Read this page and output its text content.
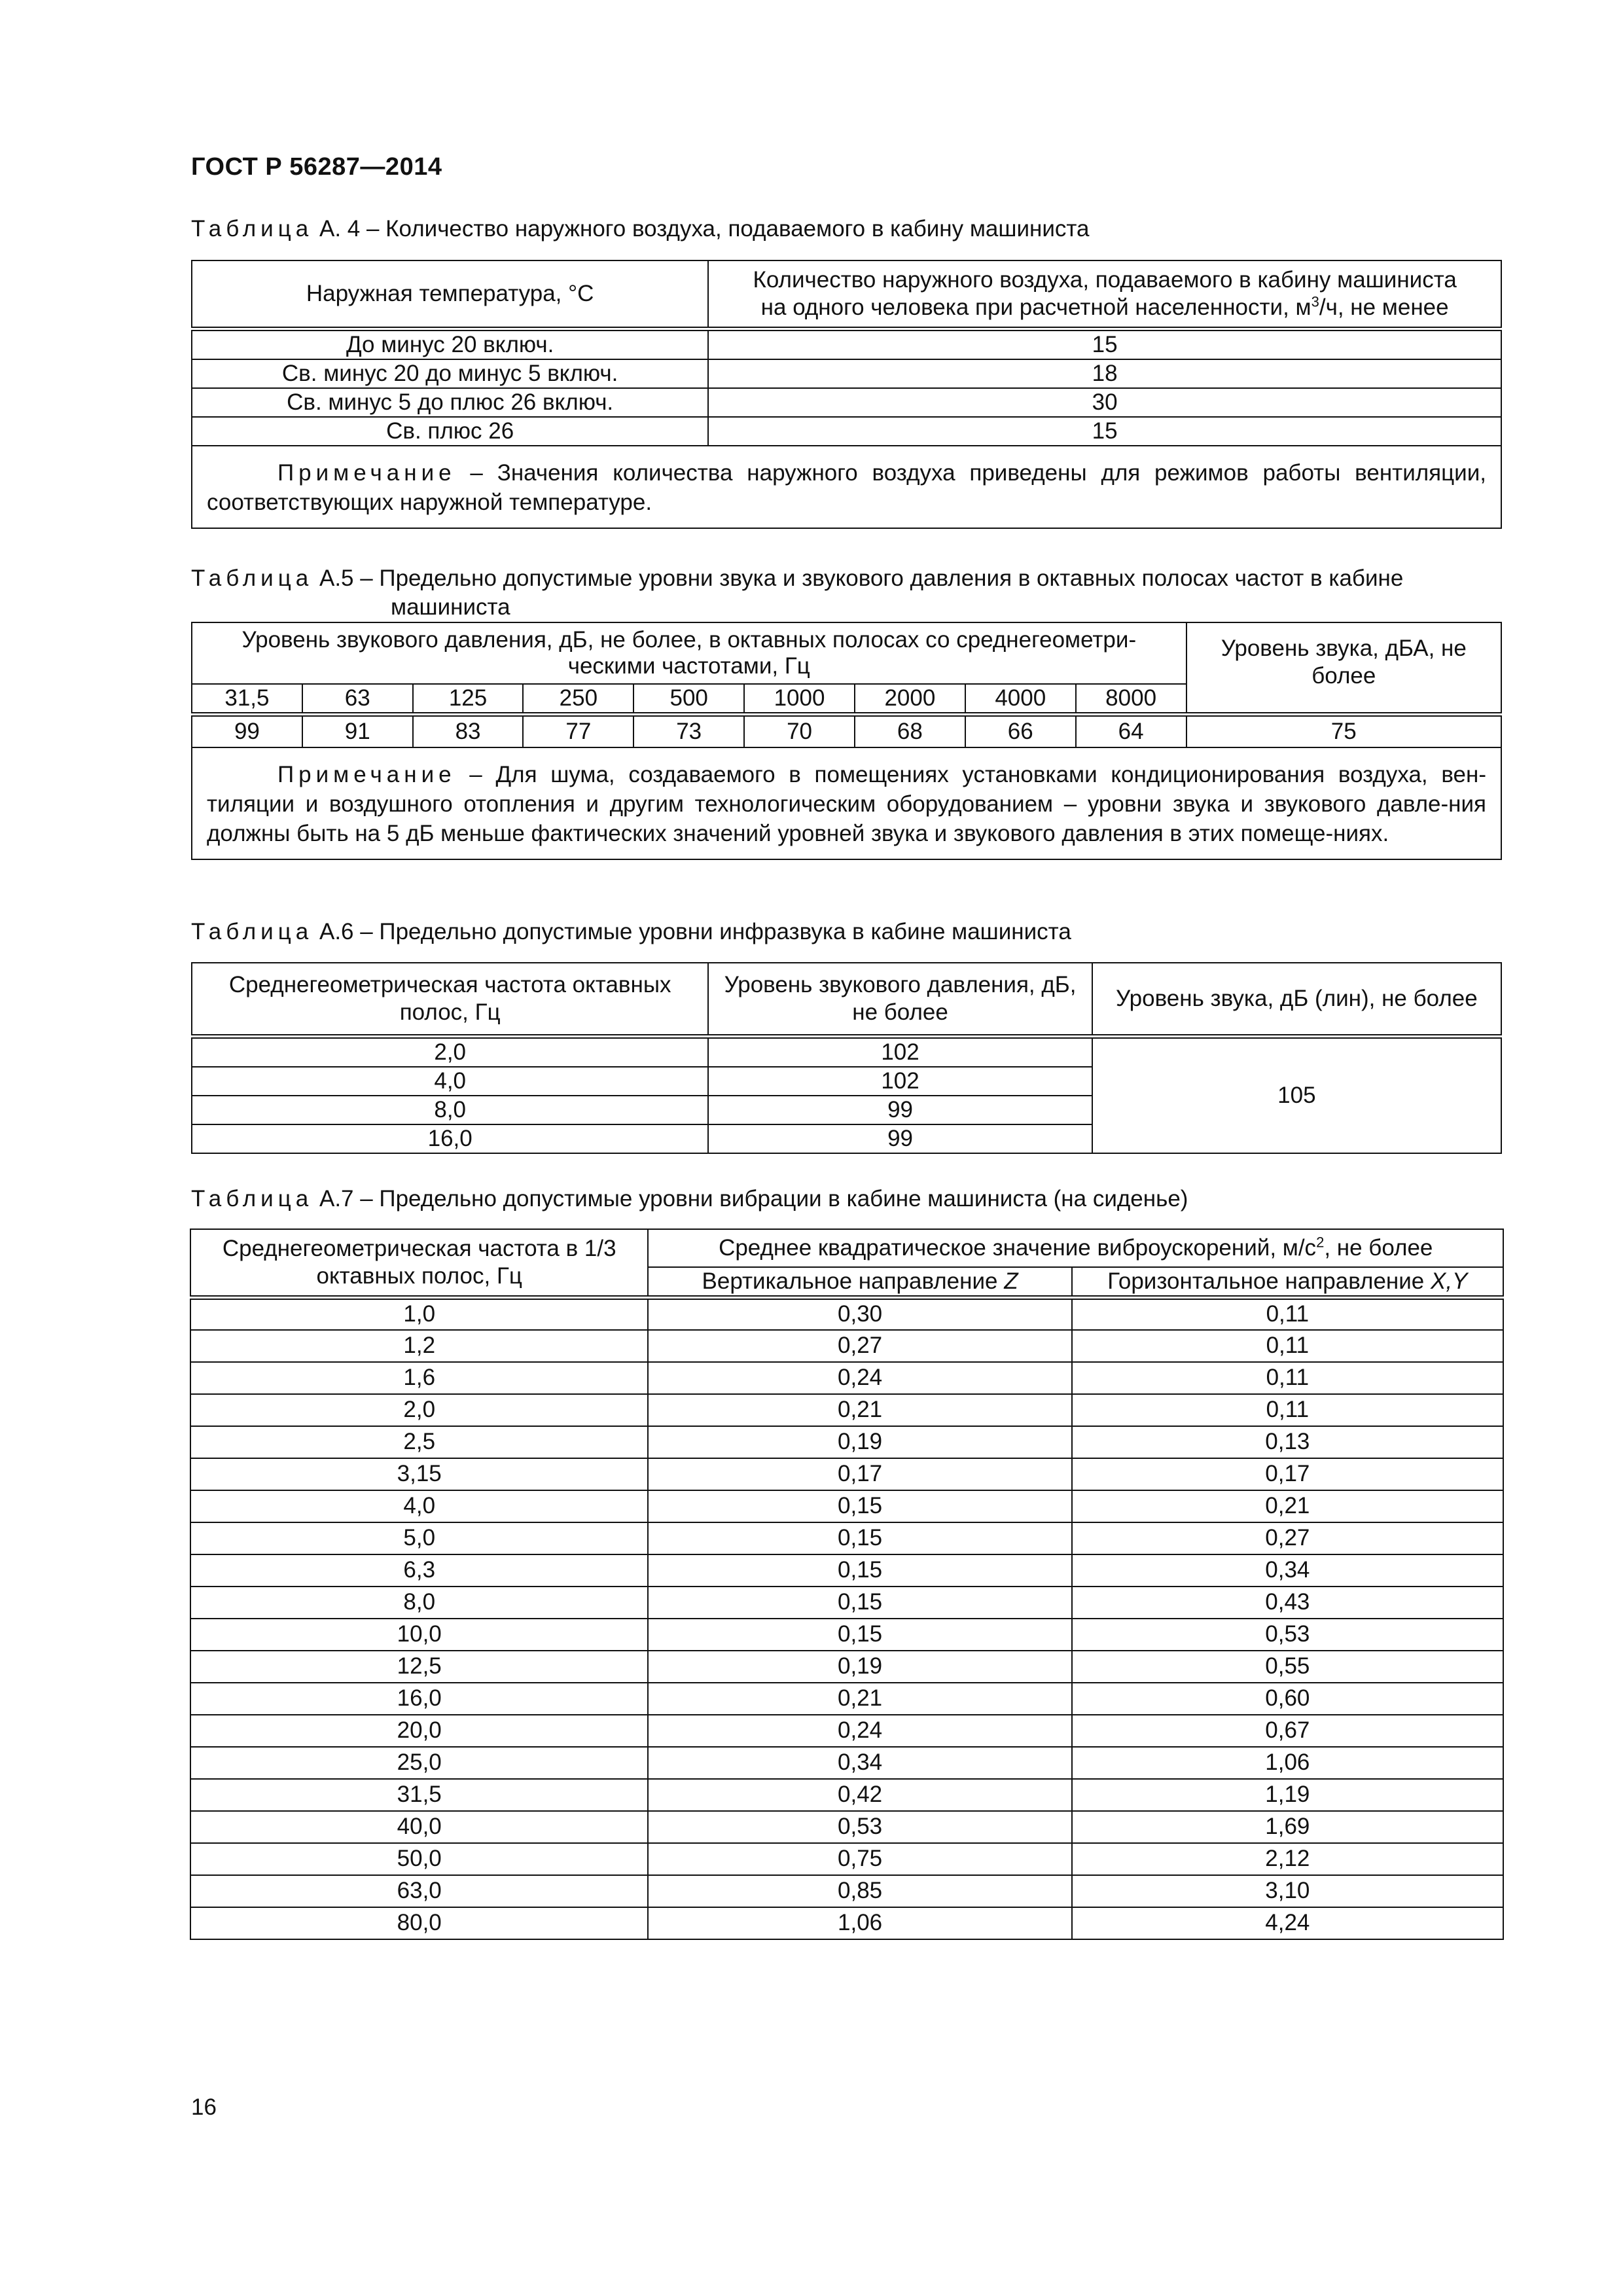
ГОСТ Р 56287—2014
Таблица А. 4 – Количество наружного воздуха, подаваемого в кабину машиниста
Наружная температура, °С	Количество наружного воздуха, подаваемого в кабину машиниста
на одного человека при расчетной населенности, $м^3/ч$, не менее
До минус 20 включ.	15
Св. минус 20 до минус 5 включ.	18
Св. минус 5 до плюс 26 включ.	30
Св. плюс 26	15
Примечание – Значения количества наружного воздуха приведены для режимов работы вентиляции, соответствующих наружной температуре.	
Таблица А.5 – Предельно допустимые уровни звука и звукового давления в октавных полосах частот в кабине
машиниста
Уровень звукового давления, дБ, не более, в октавных полосах со среднегеометри-ческими частотами, Гц									Уровень звука, дБА, не более
31,5	63	125	250	500	1000	2000	4000	8000	
99	91	83	77	73	70	68	66	64	75
Примечание – Для шума, создаваемого в помещениях установками кондиционирования воздуха, вен-тиляции и воздушного отопления и другим технологическим оборудованием – уровни звука и звукового давле-ния должны быть на 5 дБ меньше фактических значений уровней звука и звукового давления в этих помеще-ниях.									
Таблица А.6 – Предельно допустимые уровни инфразвука в кабине машиниста
Среднегеометрическая частота октавных полос, Гц	Уровень звукового давления, дБ, не более	Уровень звука, дБ (лин), не более
2,0	102	105
4,0	102	
8,0	99	
16,0	99	
Таблица А.7 – Предельно допустимые уровни вибрации в кабине машиниста (на сиденье)
Среднегеометрическая частота в 1/3 октавных полос, Гц	Среднее квадратическое значение виброускорений, $м/с^2$, не более	
	Вертикальное направление Z	Горизонтальное направление X,Y
1,0	0,30	0,11
1,2	0,27	0,11
1,6	0,24	0,11
2,0	0,21	0,11
2,5	0,19	0,13
3,15	0,17	0,17
4,0	0,15	0,21
5,0	0,15	0,27
6,3	0,15	0,34
8,0	0,15	0,43
10,0	0,15	0,53
12,5	0,19	0,55
16,0	0,21	0,60
20,0	0,24	0,67
25,0	0,34	1,06
31,5	0,42	1,19
40,0	0,53	1,69
50,0	0,75	2,12
63,0	0,85	3,10
80,0	1,06	4,24
16
